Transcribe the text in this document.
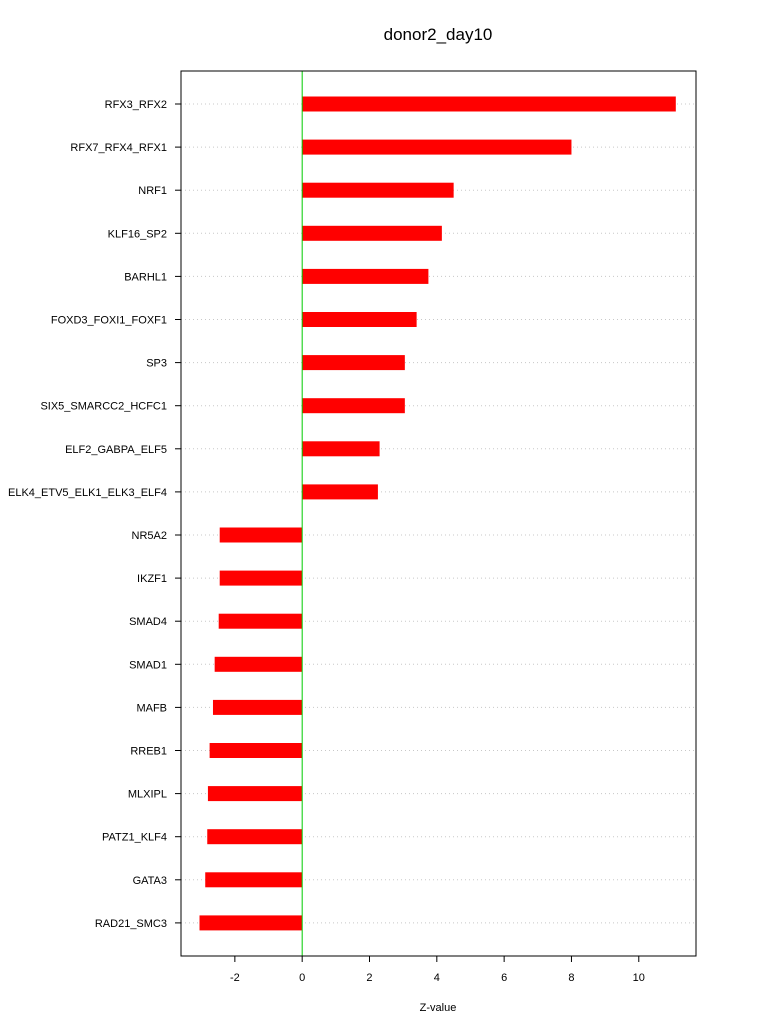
donor2_day10
RFX3_RFX2
RFX7_RFX4_RFX1
NRF1
KLF16_SP2
BARHL1
FOXD3_FOXI1_FOXF1
SP3
SIX5_SMARCC2_HCFC1
ELF2_GABPA_ELF5
ELK4_ETV5_ELK1_ELK3_ELF4
NR5A2
IKZF1
SMAD4
SMAD1
MAFB
RREB1
MLXIPL
PATZ1_KLF4
GATA3
RAD21_SMC3
-2	0	2	4	6	8	10
Z-value
